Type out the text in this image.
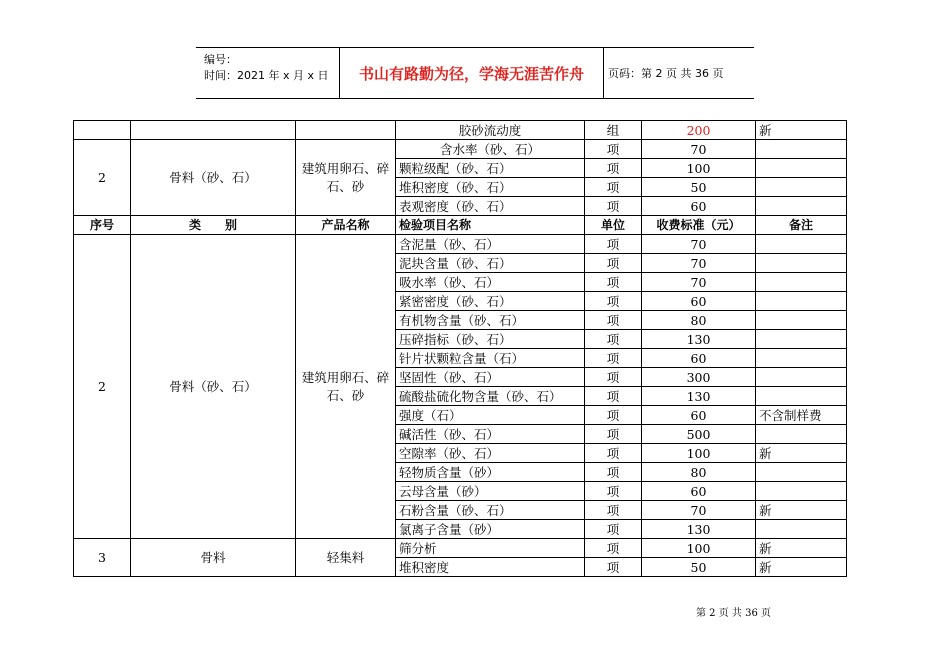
编号：
时间：2021 年 x 月 x 日	书山有路勤为径，学海无涯苦作舟	页码：第 2 页 共 36 页
			胶砂流动度	组	200	新
2	骨料（砂、石）	建筑用卵石、碎石、砂	含水率（砂、石）	项	70	
			颗粒级配（砂、石）	项	100	
			堆积密度（砂、石）	项	50	
			表观密度（砂、石）	项	60	
序号	类　　别	产品名称	检验项目名称	单位	收费标准（元）	备注
2	骨料（砂、石）	建筑用卵石、碎石、砂	含泥量（砂、石）	项	70	
			泥块含量（砂、石）	项	70	
			吸水率（砂、石）	项	70	
			紧密密度（砂、石）	项	60	
			有机物含量（砂、石）	项	80	
			压碎指标（砂、石）	项	130	
			针片状颗粒含量（石）	项	60	
			坚固性（砂、石）	项	300	
			硫酸盐硫化物含量（砂、石）	项	130	
			强度（石）	项	60	不含制样费
			碱活性（砂、石）	项	500	
			空隙率（砂、石）	项	100	新
			轻物质含量（砂）	项	80	
			云母含量（砂）	项	60	
			石粉含量（砂、石）	项	70	新
			氯离子含量（砂）	项	130	
3	骨料	轻集料	筛分析	项	100	新
			堆积密度	项	50	新
第 2 页 共 36 页
